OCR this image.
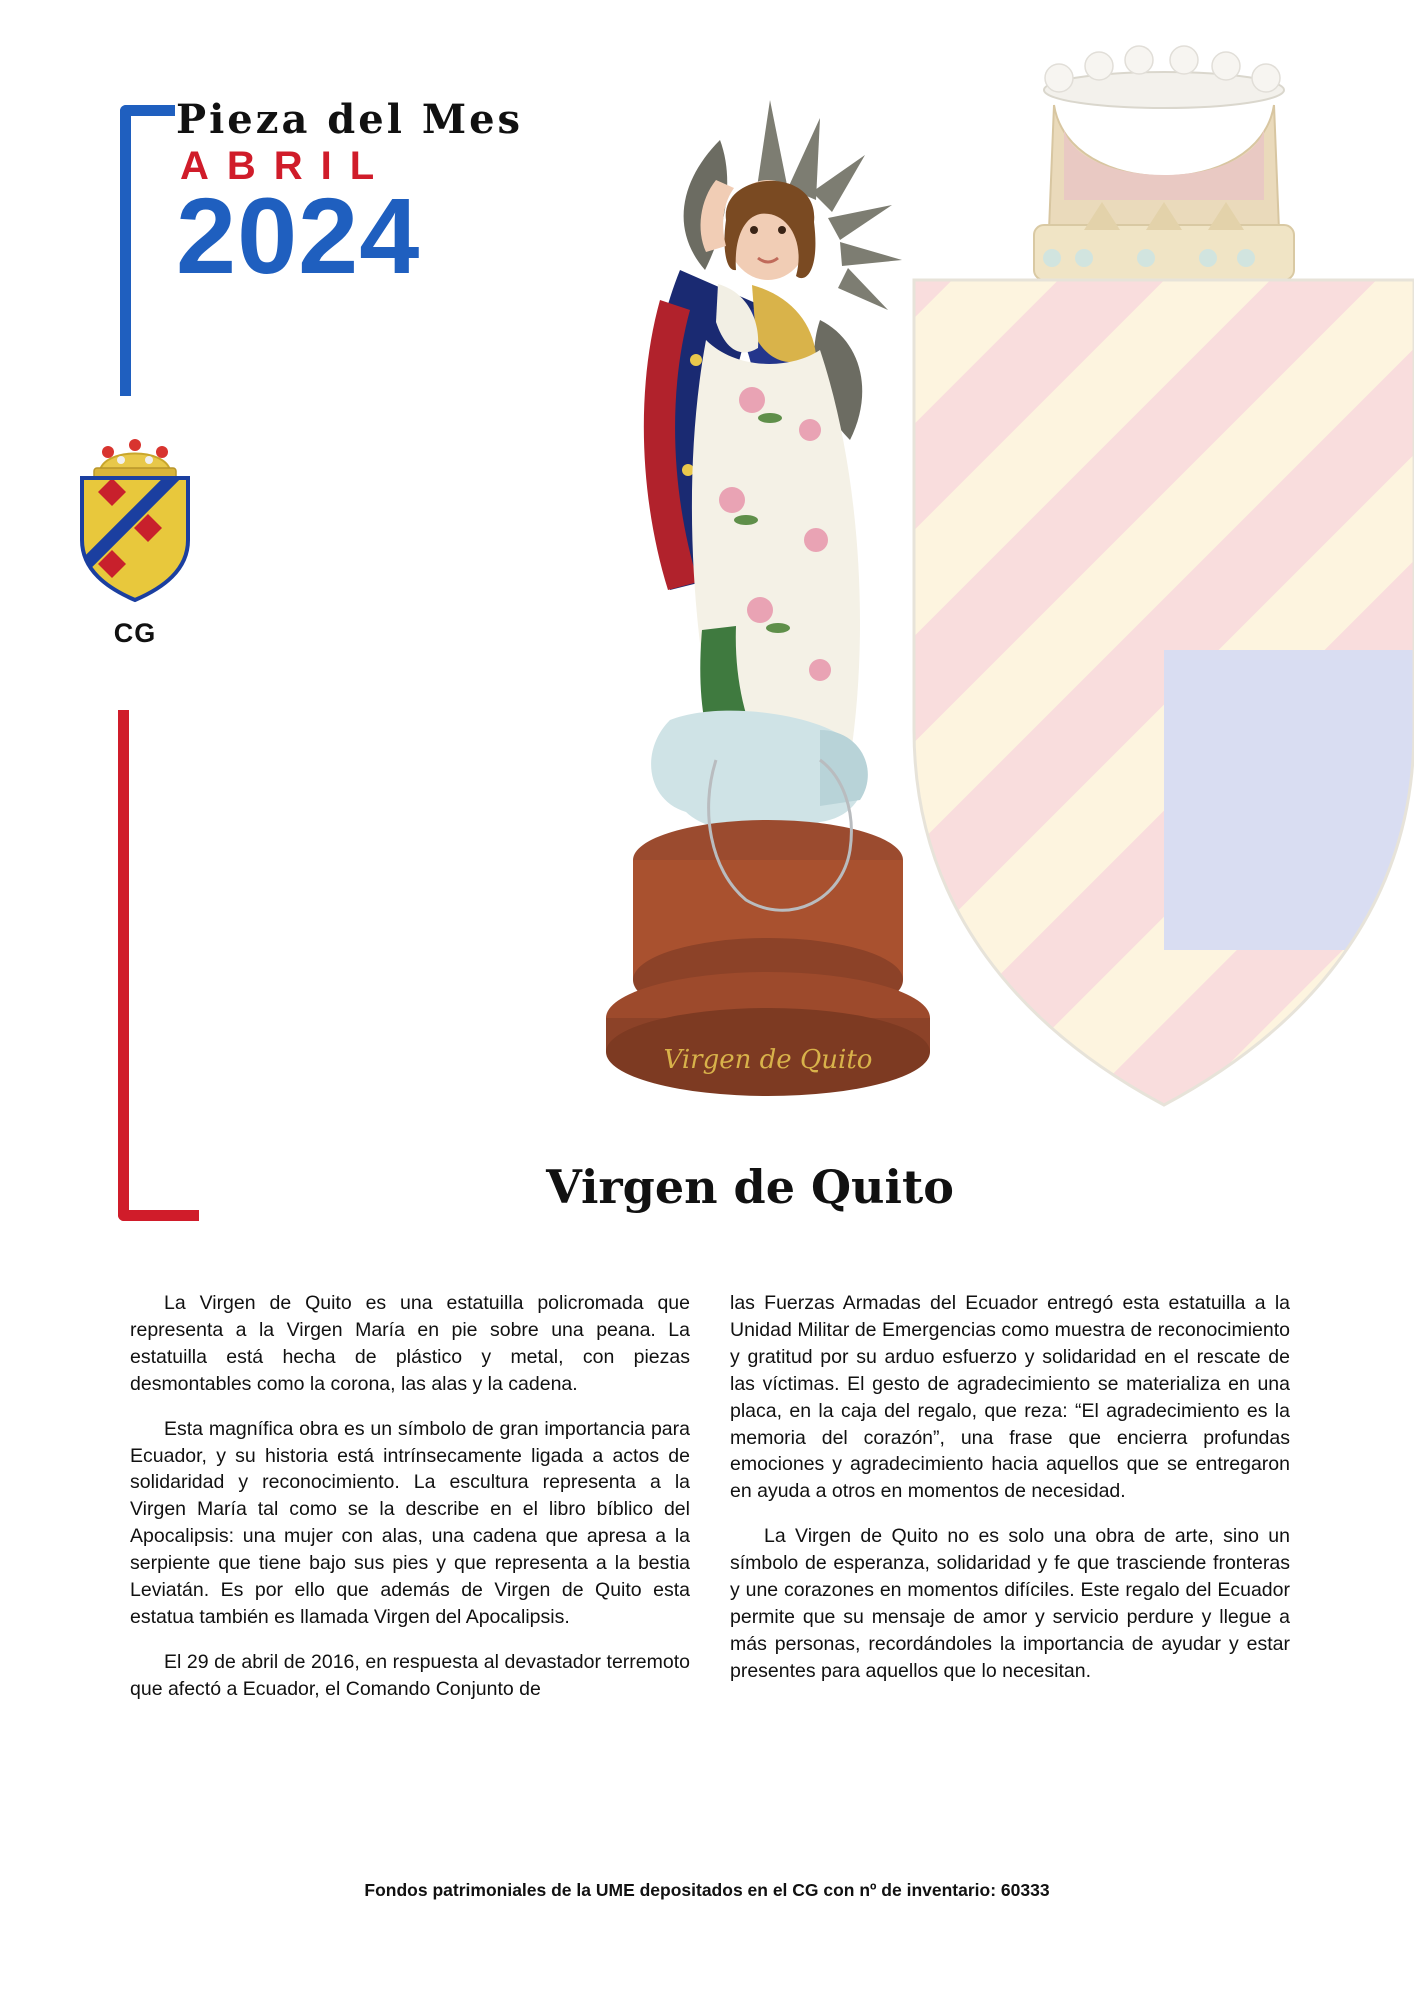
Pieza del Mes
ABRIL
2024
CG
Virgen de Quito
Virgen de Quito

La Virgen de Quito es una estatuilla policromada que representa a la Virgen María en pie sobre una peana. La estatuilla está hecha de plástico y metal, con piezas desmontables como la corona, las alas y la cadena.

Esta magnífica obra es un símbolo de gran importancia para Ecuador, y su historia está intrínsecamente ligada a actos de solidaridad y reconocimiento. La escultura representa a la Virgen María tal como se la describe en el libro bíblico del Apocalipsis: una mujer con alas, una cadena que apresa a la serpiente que tiene bajo sus pies y que representa a la bestia Leviatán. Es por ello que además de Virgen de Quito esta estatua también es llamada Virgen del Apocalipsis.

El 29 de abril de 2016, en respuesta al devastador terremoto que afectó a Ecuador, el Comando Conjunto de

las Fuerzas Armadas del Ecuador entregó esta estatuilla a la Unidad Militar de Emergencias como muestra de reconocimiento y gratitud por su arduo esfuerzo y solidaridad en el rescate de las víctimas. El gesto de agradecimiento se materializa en una placa, en la caja del regalo, que reza: “El agradecimiento es la memoria del corazón”, una frase que encierra profundas emociones y agradecimiento hacia aquellos que se entregaron en ayuda a otros en momentos de necesidad.

La Virgen de Quito no es solo una obra de arte, sino un símbolo de esperanza, solidaridad y fe que trasciende fronteras y une corazones en momentos difíciles. Este regalo del Ecuador permite que su mensaje de amor y servicio perdure y llegue a más personas, recordándoles la importancia de ayudar y estar presentes para aquellos que lo necesitan.

Fondos patrimoniales de la UME depositados en el CG con nº de inventario: 60333
